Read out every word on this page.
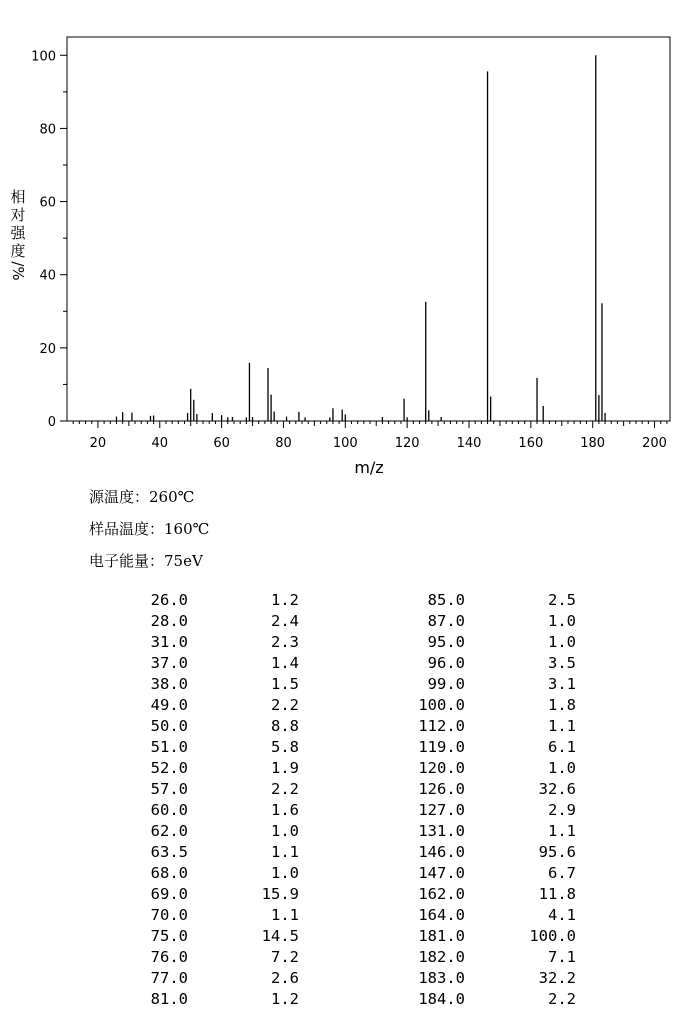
20	40	60	80	100	120	140	160	180	200
0
20
40
60
80
100
m/z
相
对
强
度
/%
源温度：260℃
样品温度：160℃
电子能量：75eV
26.0	1.2
28.0	2.4
31.0	2.3
37.0	1.4
38.0	1.5
49.0	2.2
50.0	8.8
51.0	5.8
52.0	1.9
57.0	2.2
60.0	1.6
62.0	1.0
63.5	1.1
68.0	1.0
69.0	15.9
70.0	1.1
75.0	14.5
76.0	7.2
77.0	2.6
81.0	1.2
85.0	2.5
87.0	1.0
95.0	1.0
96.0	3.5
99.0	3.1
100.0	1.8
112.0	1.1
119.0	6.1
120.0	1.0
126.0	32.6
127.0	2.9
131.0	1.1
146.0	95.6
147.0	6.7
162.0	11.8
164.0	4.1
181.0	100.0
182.0	7.1
183.0	32.2
184.0	2.2
